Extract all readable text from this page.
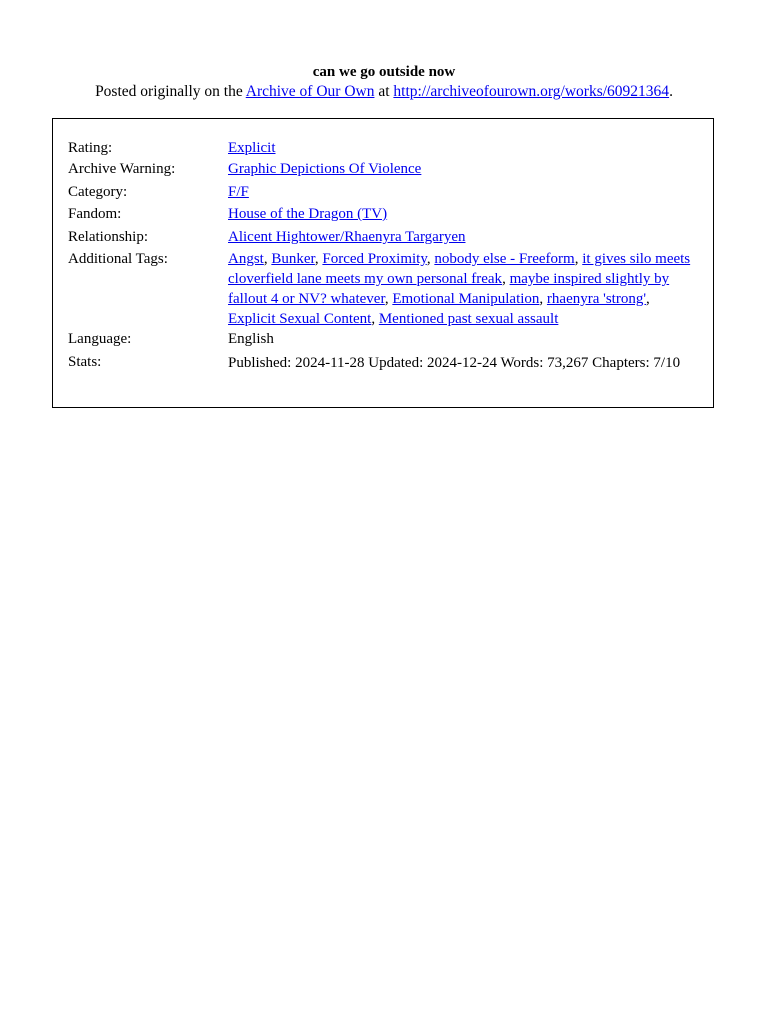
can we go outside now
Posted originally on the Archive of Our Own at http://archiveofourown.org/works/60921364.
Rating:	Explicit
Archive Warning:	Graphic Depictions Of Violence
Category:	F/F
Fandom:	House of the Dragon (TV)
Relationship:	Alicent Hightower/Rhaenyra Targaryen
Additional Tags:	Angst, Bunker, Forced Proximity, nobody else - Freeform, it gives silo meets cloverfield lane meets my own personal freak, maybe inspired slightly by fallout 4 or NV? whatever, Emotional Manipulation, rhaenyra 'strong', Explicit Sexual Content, Mentioned past sexual assault
Language:	English
Stats:	Published: 2024-11-28 Updated: 2024-12-24 Words: 73,267 Chapters: 7/10
